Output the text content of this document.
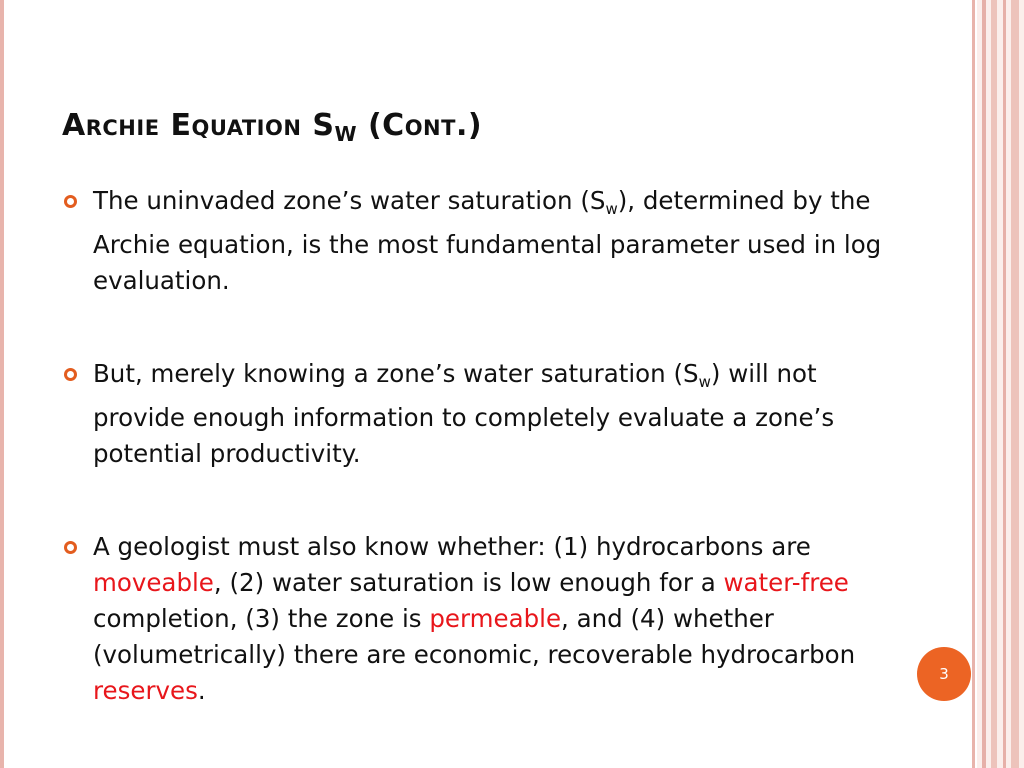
Archie Equation $S_W$ (Cont.)
The uninvaded zone’s water saturation $(S_w)$, determined by the Archie equation, is the most fundamental parameter used in log evaluation.
But, merely knowing a zone’s water saturation $(S_w)$ will not provide enough information to completely evaluate a zone’s potential productivity.
A geologist must also know whether: (1) hydrocarbons are moveable, (2) water saturation is low enough for a water-free completion, (3) the zone is permeable, and (4) whether (volumetrically) there are economic, recoverable hydrocarbon reserves.
3
